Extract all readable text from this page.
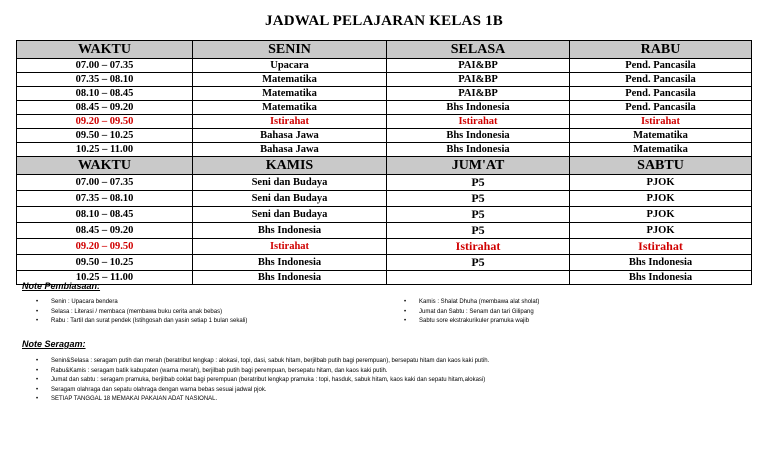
JADWAL PELAJARAN KELAS 1B
WAKTU	SENIN	SELASA	RABU
07.00 – 07.35	Upacara	PAI&BP	Pend. Pancasila
07.35 – 08.10	Matematika	PAI&BP	Pend. Pancasila
08.10 – 08.45	Matematika	PAI&BP	Pend. Pancasila
08.45 – 09.20	Matematika	Bhs Indonesia	Pend. Pancasila
09.20 – 09.50	Istirahat	Istirahat	Istirahat
09.50 – 10.25	Bahasa Jawa	Bhs Indonesia	Matematika
10.25 – 11.00	Bahasa Jawa	Bhs Indonesia	Matematika
WAKTU	KAMIS	JUM'AT	SABTU
07.00 – 07.35	Seni dan Budaya	P5	PJOK
07.35 – 08.10	Seni dan Budaya	P5	PJOK
08.10 – 08.45	Seni dan Budaya	P5	PJOK
08.45 – 09.20	Bhs Indonesia	P5	PJOK
09.20 – 09.50	Istirahat	Istirahat	Istirahat
09.50 – 10.25	Bhs Indonesia	P5	Bhs Indonesia
10.25 – 11.00	Bhs Indonesia		Bhs Indonesia
Note Pembiasaan:
• Senin : Upacara bendera
• Selasa : Literasi / membaca (membawa buku cerita anak bebas)
• Rabu : Tartil dan surat pendek (Istihgosah dan yasin setiap 1 bulan sekali)
• Kamis : Shalat Dhuha (membawa alat sholat)
• Jumat dan Sabtu : Senam dan tari Gilipang
• Sabtu sore ekstrakurikuler pramuka wajib
Note Seragam:
• Senin&Selasa : seragam putih dan merah (beratribut lengkap : alokasi, topi, dasi, sabuk hitam, berjilbab putih bagi perempuan), bersepatu hitam dan kaos kaki putih.
• Rabu&Kamis : seragam batik kabupaten (warna merah), berjilbab putih bagi perempuan, bersepatu hitam, dan kaos kaki putih.
• Jumat dan sabtu : seragam pramuka, berjilbab coklat bagi perempuan (beratribut lengkap pramuka : topi, hasduk, sabuk hitam, kaos kaki dan sepatu hitam,alokasi)
• Seragam olahraga dan sepatu olahraga dengan warna bebas sesuai jadwal pjok.
• SETIAP TANGGAL 18 MEMAKAI PAKAIAN ADAT NASIONAL.
